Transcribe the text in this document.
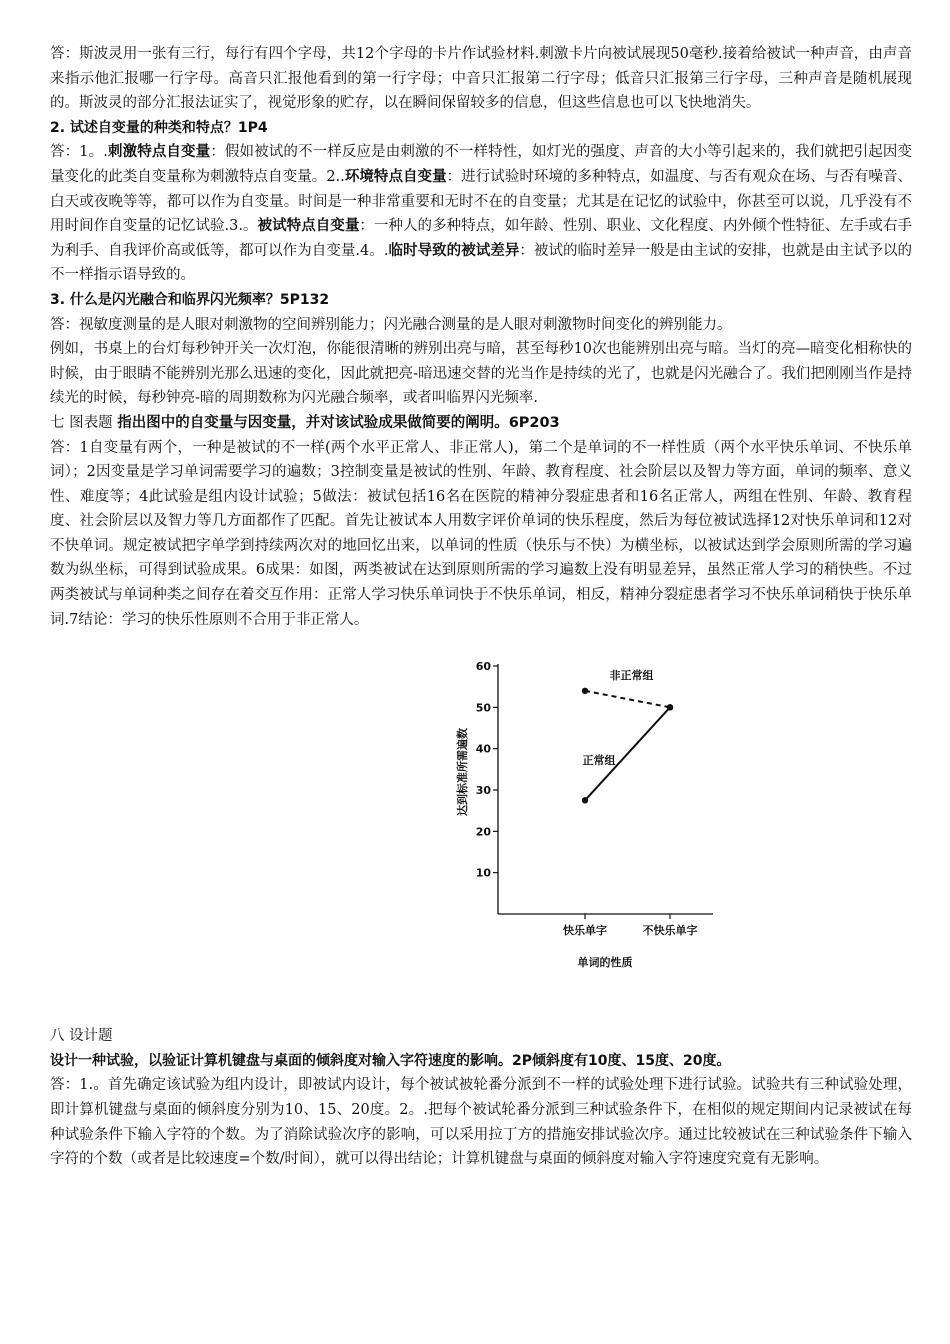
答：斯波灵用一张有三行，每行有四个字母，共12个字母的卡片作试验材料.刺激卡片向被试展现50毫秒.接着给被试一种声音，由声音来指示他汇报哪一行字母。高音只汇报他看到的第一行字母；中音只汇报第二行字母；低音只汇报第三行字母，三种声音是随机展现的。斯波灵的部分汇报法证实了，视觉形象的贮存，以在瞬间保留较多的信息，但这些信息也可以飞快地消失。

2. 试述自变量的种类和特点？1P4

答：1。.刺激特点自变量：假如被试的不一样反应是由刺激的不一样特性，如灯光的强度、声音的大小等引起来的，我们就把引起因变量变化的此类自变量称为刺激特点自变量。2..环境特点自变量：进行试验时环境的多种特点，如温度、与否有观众在场、与否有噪音、白天或夜晚等等，都可以作为自变量。时间是一种非常重要和无时不在的自变量；尤其是在记忆的试验中，你甚至可以说，几乎没有不用时间作自变量的记忆试验.3.。被试特点自变量：一种人的多种特点，如年龄、性别、职业、文化程度、内外倾个性特征、左手或右手为利手、自我评价高或低等，都可以作为自变量.4。.临时导致的被试差异：被试的临时差异一般是由主试的安排，也就是由主试予以的不一样指示语导致的。

3. 什么是闪光融合和临界闪光频率？5P132

答：视敏度测量的是人眼对刺激物的空间辨别能力；闪光融合测量的是人眼对刺激物时间变化的辨别能力。

例如，书桌上的台灯每秒钟开关一次灯泡，你能很清晰的辨别出亮与暗，甚至每秒10次也能辨别出亮与暗。当灯的亮—暗变化相称快的时候，由于眼睛不能辨别光那么迅速的变化，因此就把亮-暗迅速交替的光当作是持续的光了，也就是闪光融合了。我们把刚刚当作是持续光的时候，每秒钟亮-暗的周期数称为闪光融合频率，或者叫临界闪光频率.

七 图表题 指出图中的自变量与因变量，并对该试验成果做简要的阐明。6P203

答：1自变量有两个，一种是被试的不一样(两个水平正常人、非正常人)，第二个是单词的不一样性质（两个水平快乐单词、不快乐单词）；2因变量是学习单词需要学习的遍数；3控制变量是被试的性别、年龄、教育程度、社会阶层以及智力等方面，单词的频率、意义性、难度等；4此试验是组内设计试验；5做法：被试包括16名在医院的精神分裂症患者和16名正常人，两组在性别、年龄、教育程度、社会阶层以及智力等几方面都作了匹配。首先让被试本人用数字评价单词的快乐程度，然后为每位被试选择12对快乐单词和12对不快单词。规定被试把字单学到持续两次对的地回忆出来，以单词的性质（快乐与不快）为横坐标，以被试达到学会原则所需的学习遍数为纵坐标，可得到试验成果。6成果：如图，两类被试在达到原则所需的学习遍数上没有明显差异，虽然正常人学习的稍快些。不过两类被试与单词种类之间存在着交互作用：正常人学习快乐单词快于不快乐单词，相反，精神分裂症患者学习不快乐单词稍快于快乐单词.7结论：学习的快乐性原则不合用于非正常人。

10
20
30
40
50
60
快乐单字	不快乐单字
非正常组
正常组
达到标准所需遍数
单词的性质

八 设计题

设计一种试验，以验证计算机键盘与桌面的倾斜度对输入字符速度的影响。2P倾斜度有10度、15度、20度。

答：1.。首先确定该试验为组内设计，即被试内设计，每个被试被轮番分派到不一样的试验处理下进行试验。试验共有三种试验处理，即计算机键盘与桌面的倾斜度分别为10、15、20度。2。.把每个被试轮番分派到三种试验条件下，在相似的规定期间内记录被试在每种试验条件下输入字符的个数。为了消除试验次序的影响，可以采用拉丁方的措施安排试验次序。通过比较被试在三种试验条件下输入字符的个数（或者是比较速度=个数/时间），就可以得出结论；计算机键盘与桌面的倾斜度对输入字符速度究竟有无影响。
